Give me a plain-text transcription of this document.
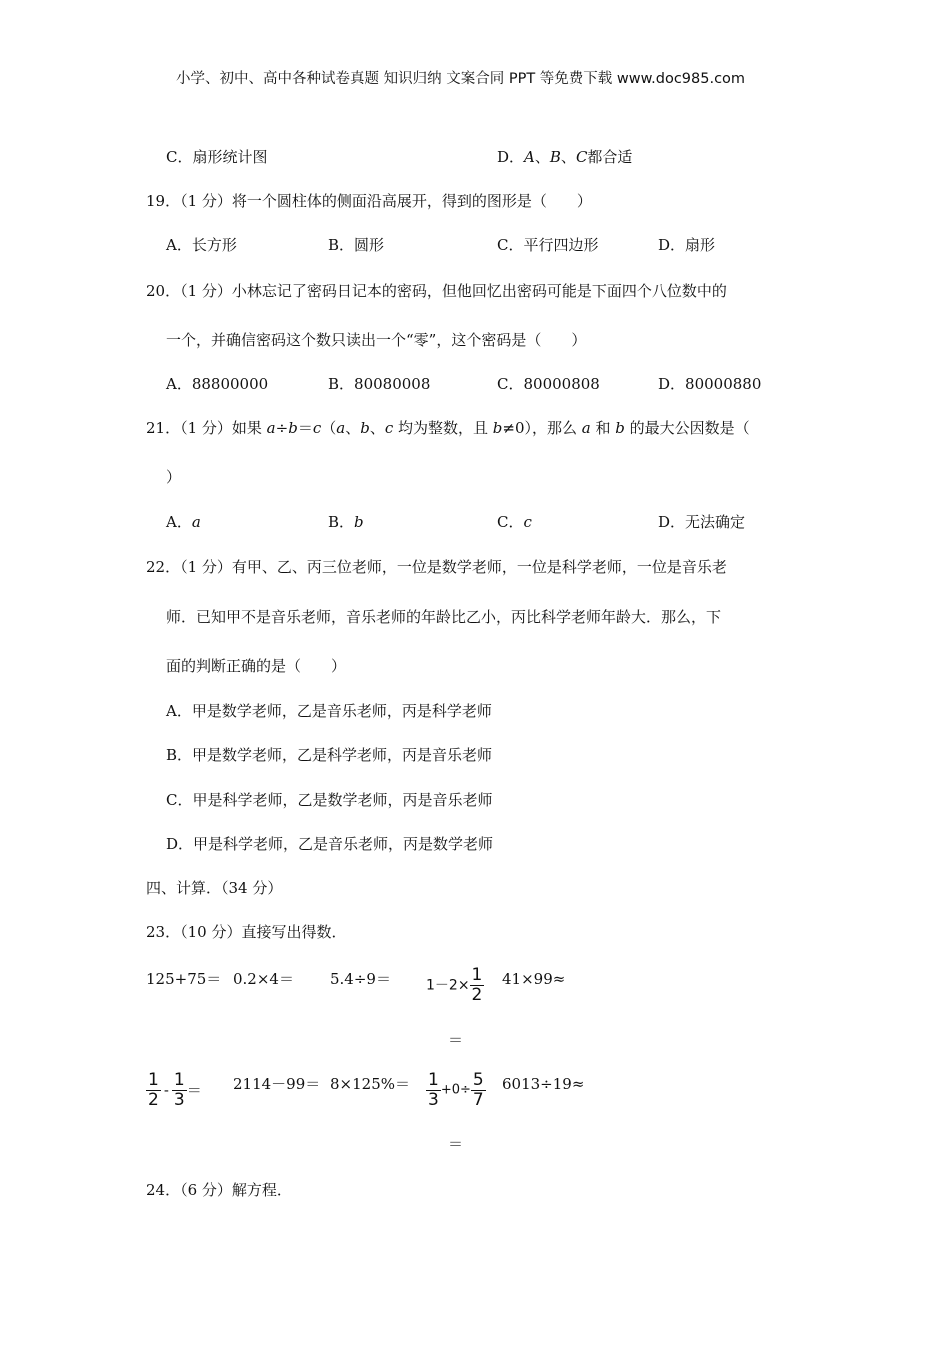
小学、初中、高中各种试卷真题 知识归纳 文案合同 PPT 等免费下载 www.doc985.com
C．扇形统计图	D．A、B、C都合适
19．（1 分）将一个圆柱体的侧面沿高展开，得到的图形是（　　）
A．长方形	B．圆形	C．平行四边形	D．扇形
20．（1 分）小林忘记了密码日记本的密码，但他回忆出密码可能是下面四个八位数中的
一个，并确信密码这个数只读出一个“零”，这个密码是（　　）
A．88800000	B．80080008	C．80000808	D．80000880
21．（1 分）如果 a÷b＝c（a、b、c 均为整数，且 b≠0），那么 a 和 b 的最大公因数是（
）
A．a	B．b	C．c	D．无法确定
22．（1 分）有甲、乙、丙三位老师，一位是数学老师，一位是科学老师，一位是音乐老
师．已知甲不是音乐老师，音乐老师的年龄比乙小，丙比科学老师年龄大．那么，下
面的判断正确的是（　　）
A．甲是数学老师，乙是音乐老师，丙是科学老师
B．甲是数学老师，乙是科学老师，丙是音乐老师
C．甲是科学老师，乙是数学老师，丙是音乐老师
D．甲是科学老师，乙是音乐老师，丙是数学老师
四、计算．（34 分）
23．（10 分）直接写出得数．
125+75＝ 0.2×4＝ 5.4÷9＝	$1-2\times \frac{1}{2} 41\times 99\approx$
＝
$\frac{1}{2} - \frac{1}{3} = 2114-99= 8\times 125\%= \frac{1}{3} +0\div \frac{5}{7} 6013\div 19\approx$
＝
24．（6 分）解方程．
